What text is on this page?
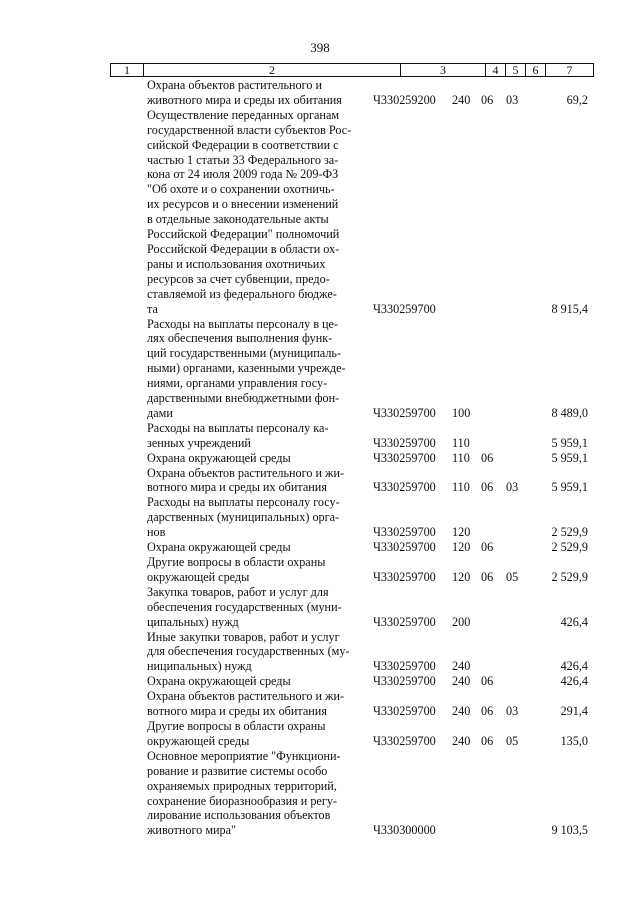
398
1	2	3	4	5	6	7
Охрана объектов растительного и
животного мира и среды их обитания	Ч330259200 240 06 03	69,2
Осуществление переданных органам
государственной власти субъектов Рос-
сийской Федерации в соответствии с
частью 1 статьи 33 Федерального за-
кона от 24 июля 2009 года № 209-ФЗ
"Об охоте и о сохранении охотничь-
их ресурсов и о внесении изменений
в отдельные законодательные акты
Российской Федерации" полномочий
Российской Федерации в области ох-
раны и использования охотничьих
ресурсов за счет субвенции, предо-
ставляемой из федерального бюдже-
та	Ч330259700	8 915,4
Расходы на выплаты персоналу в це-
лях обеспечения выполнения функ-
ций государственными (муниципаль-
ными) органами, казенными учрежде-
ниями, органами управления госу-
дарственными внебюджетными фон-
дами	Ч330259700 100	8 489,0
Расходы на выплаты персоналу ка-
зенных учреждений	Ч330259700 110	5 959,1
Охрана окружающей среды	Ч330259700 110 06	5 959,1
Охрана объектов растительного и жи-
вотного мира и среды их обитания	Ч330259700 110 06 03	5 959,1
Расходы на выплаты персоналу госу-
дарственных (муниципальных) орга-
нов	Ч330259700 120	2 529,9
Охрана окружающей среды	Ч330259700 120 06	2 529,9
Другие вопросы в области охраны
окружающей среды	Ч330259700 120 06 05	2 529,9
Закупка товаров, работ и услуг для
обеспечения государственных (муни-
ципальных) нужд	Ч330259700 200	426,4
Иные закупки товаров, работ и услуг
для обеспечения государственных (му-
ниципальных) нужд	Ч330259700 240	426,4
Охрана окружающей среды	Ч330259700 240 06	426,4
Охрана объектов растительного и жи-
вотного мира и среды их обитания	Ч330259700 240 06 03	291,4
Другие вопросы в области охраны
окружающей среды	Ч330259700 240 06 05	135,0
Основное мероприятие "Функциони-
рование и развитие системы особо
охраняемых природных территорий,
сохранение биоразнообразия и регу-
лирование использования объектов
животного мира"	Ч330300000	9 103,5
